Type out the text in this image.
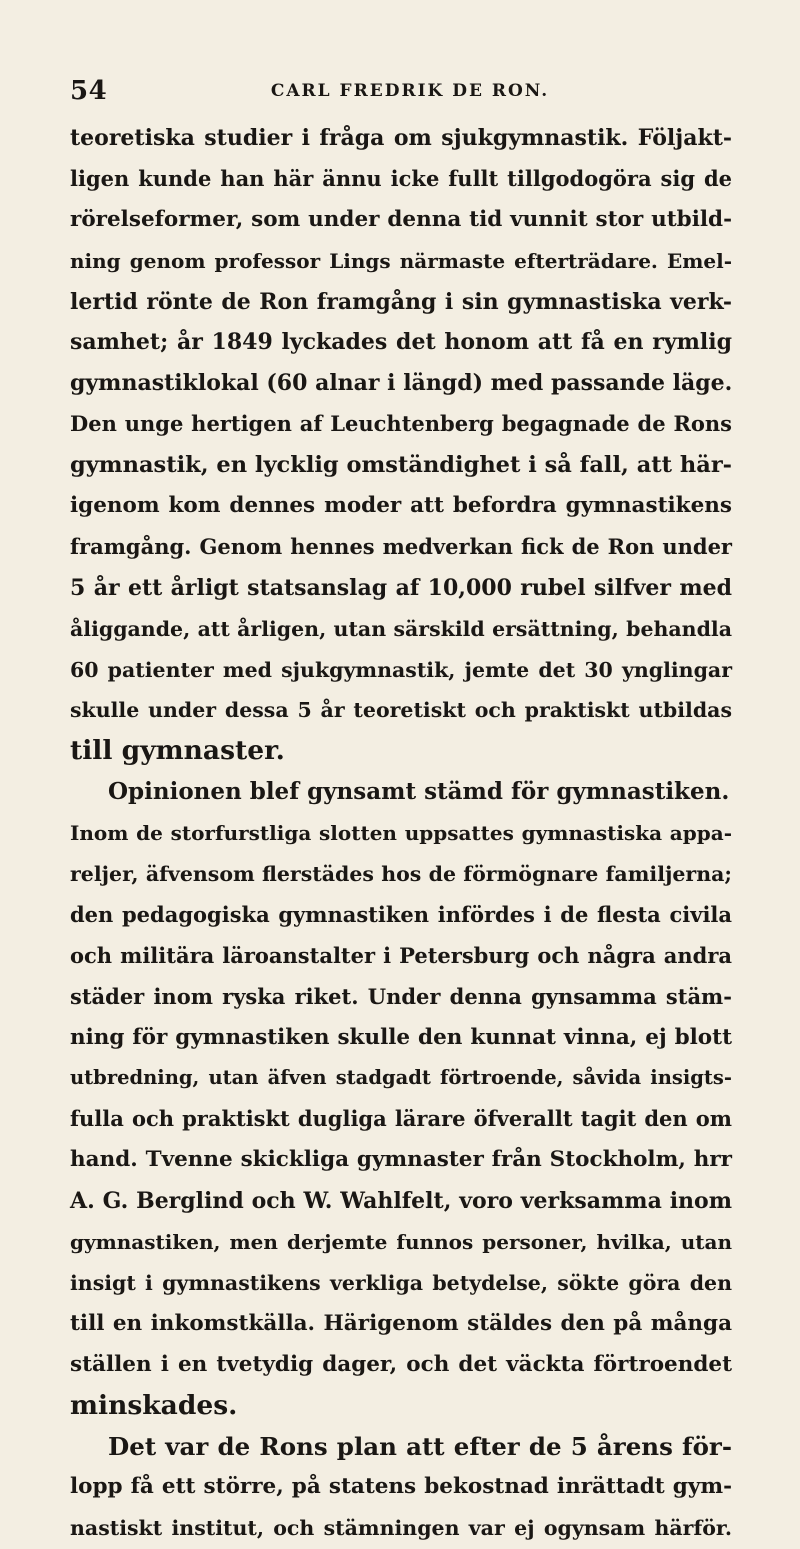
54	CARL FREDRIK DE RON.
teoretiska studier i fråga om sjukgymnastik. Följakt-
ligen kunde han här ännu icke fullt tillgodogöra sig de
rörelseformer, som under denna tid vunnit stor utbild-
ning genom professor Lings närmaste efterträdare. Emel-
lertid rönte de Ron framgång i sin gymnastiska verk-
samhet; år 1849 lyckades det honom att få en rymlig
gymnastiklokal (60 alnar i längd) med passande läge.
Den unge hertigen af Leuchtenberg begagnade de Rons
gymnastik, en lycklig omständighet i så fall, att här-
igenom kom dennes moder att befordra gymnastikens
framgång. Genom hennes medverkan fick de Ron under
5 år ett årligt statsanslag af 10,000 rubel silfver med
åliggande, att årligen, utan särskild ersättning, behandla
60 patienter med sjukgymnastik, jemte det 30 ynglingar
skulle under dessa 5 år teoretiskt och praktiskt utbildas
till gymnaster.
Opinionen blef gynsamt stämd för gymnastiken.
Inom de storfurstliga slotten uppsattes gymnastiska appa-
reljer, äfvensom flerstädes hos de förmögnare familjerna;
den pedagogiska gymnastiken infördes i de flesta civila
och militära läroanstalter i Petersburg och några andra
städer inom ryska riket. Under denna gynsamma stäm-
ning för gymnastiken skulle den kunnat vinna, ej blott
utbredning, utan äfven stadgadt förtroende, såvida insigts-
fulla och praktiskt dugliga lärare öfverallt tagit den om
hand. Tvenne skickliga gymnaster från Stockholm, hrr
A. G. Berglind och W. Wahlfelt, voro verksamma inom
gymnastiken, men derjemte funnos personer, hvilka, utan
insigt i gymnastikens verkliga betydelse, sökte göra den
till en inkomstkälla. Härigenom stäldes den på många
ställen i en tvetydig dager, och det väckta förtroendet
minskades.
Det var de Rons plan att efter de 5 årens för-
lopp få ett större, på statens bekostnad inrättadt gym-
nastiskt institut, och stämningen var ej ogynsam härför.
